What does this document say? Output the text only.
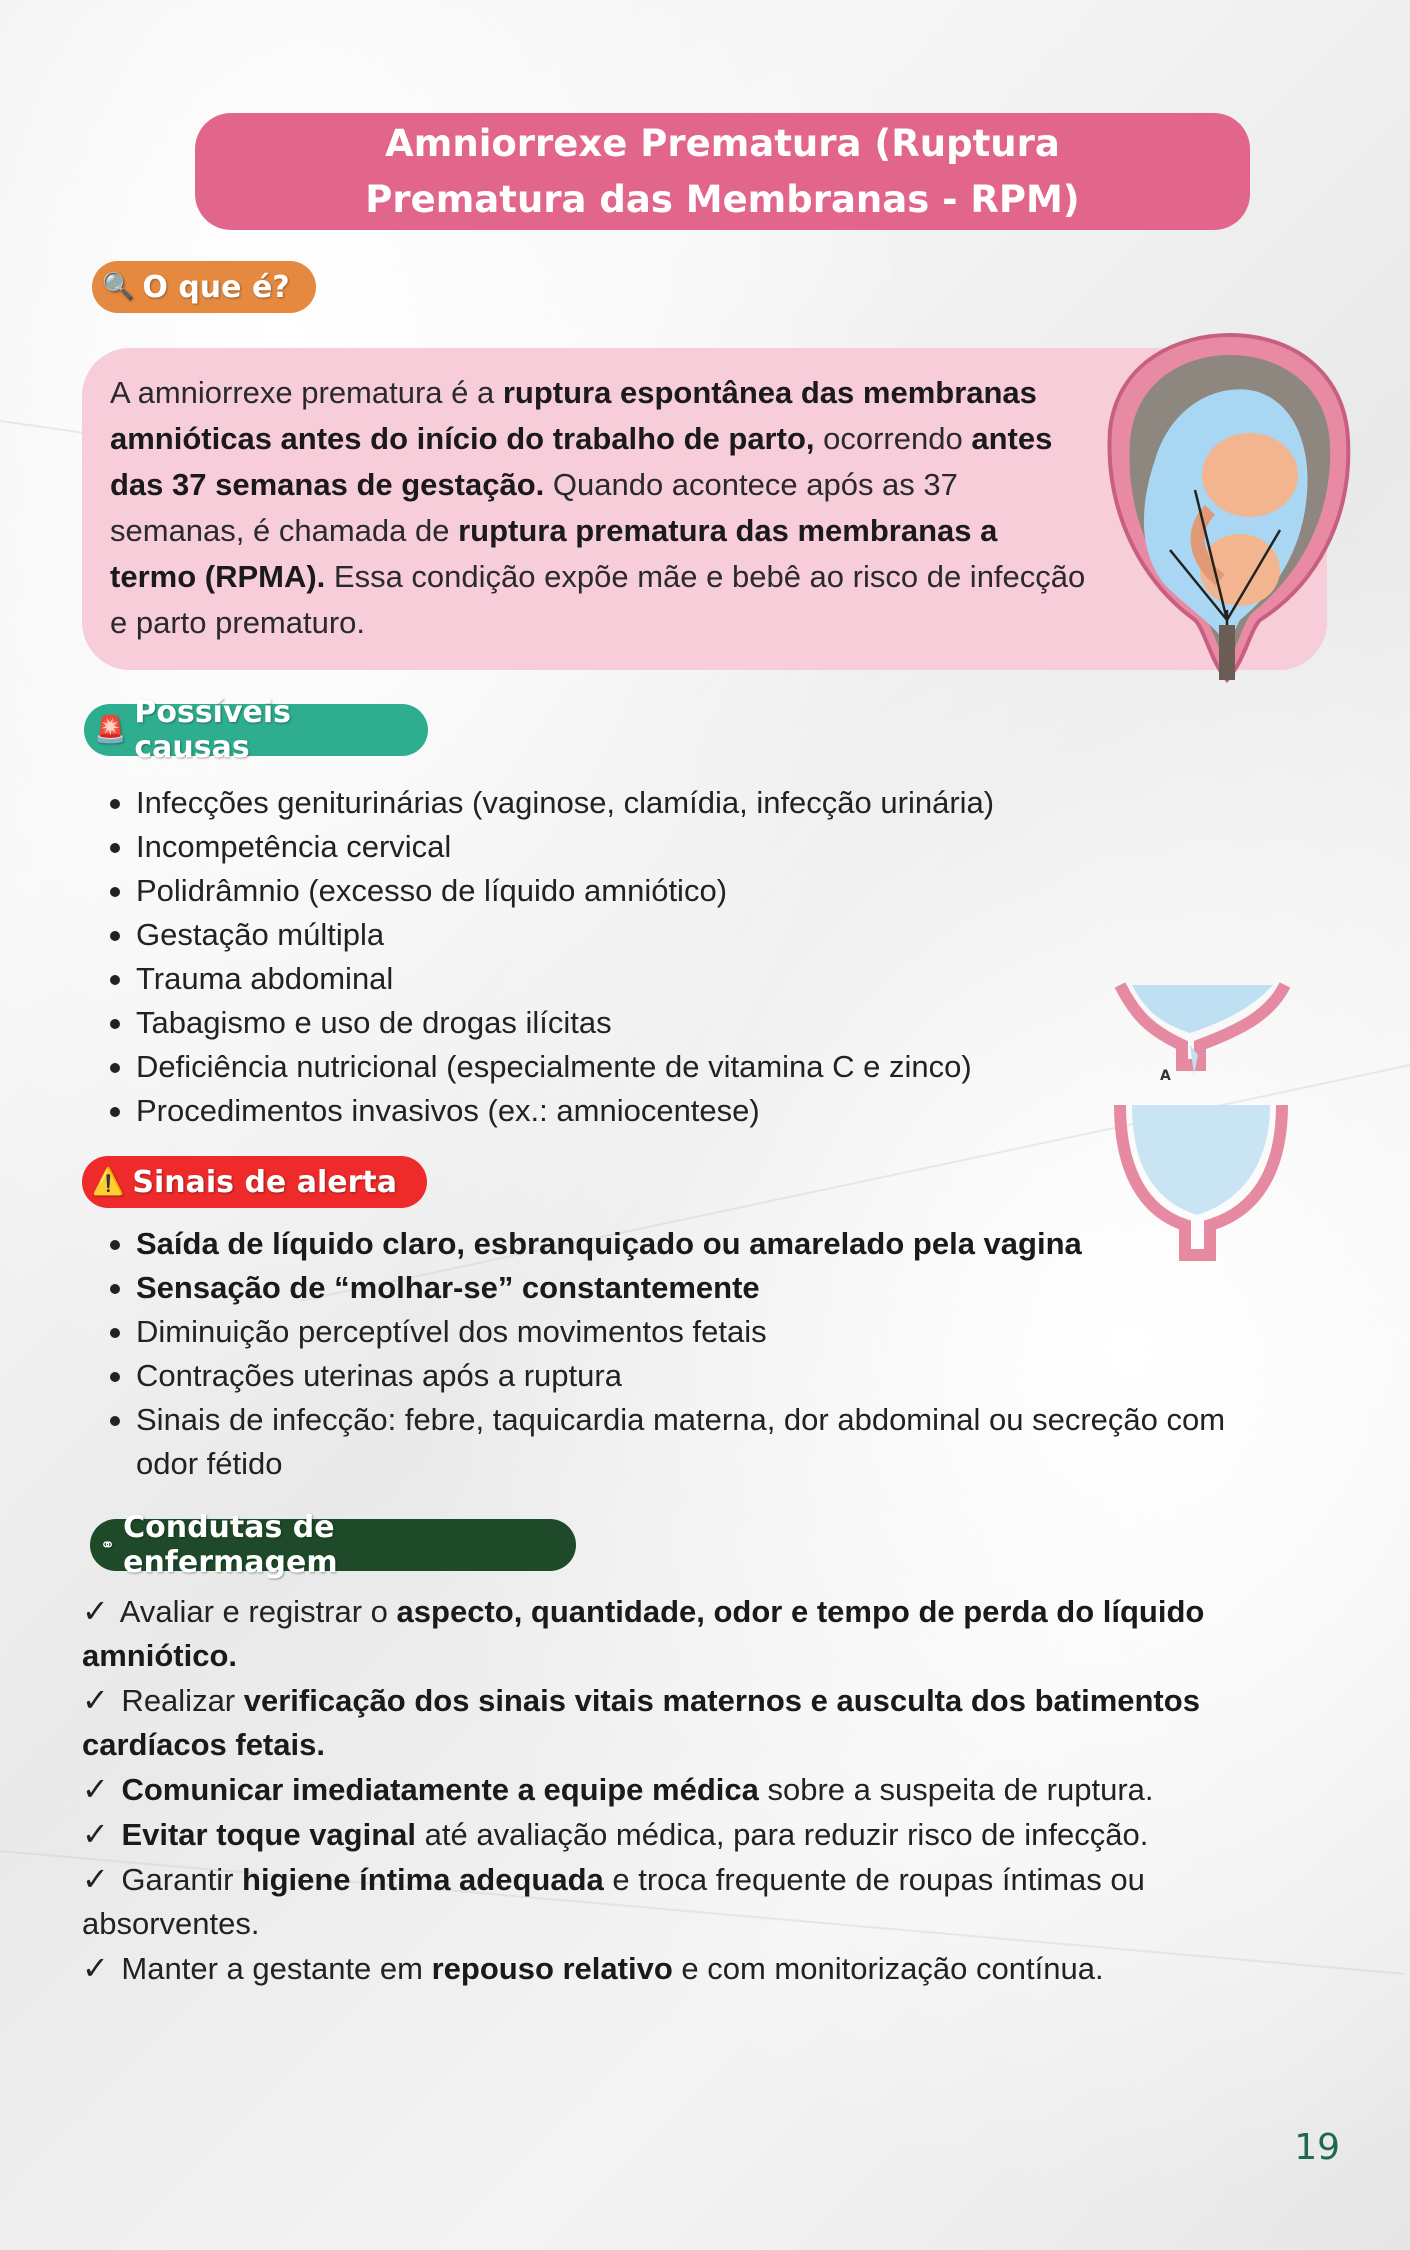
Amniorrexe Prematura (Ruptura Prematura das Membranas - RPM)
🔍 O que é?
A amniorrexe prematura é a ruptura espontânea das membranas amnióticas antes do início do trabalho de parto, ocorrendo antes das 37 semanas de gestação. Quando acontece após as 37 semanas, é chamada de ruptura prematura das membranas a termo (RPMA). Essa condição expõe mãe e bebê ao risco de infecção e parto prematuro.
🚨 Possíveis causas
Infecções geniturinárias (vaginose, clamídia, infecção urinária)
Incompetência cervical
Polidrâmnio (excesso de líquido amniótico)
Gestação múltipla
Trauma abdominal
Tabagismo e uso de drogas ilícitas
Deficiência nutricional (especialmente de vitamina C e zinco)
Procedimentos invasivos (ex.: amniocentese)
A
⚠️ Sinais de alerta
Saída de líquido claro, esbranquiçado ou amarelado pela vagina
Sensação de “molhar-se” constantemente
Diminuição perceptível dos movimentos fetais
Contrações uterinas após a ruptura
Sinais de infecção: febre, taquicardia materna, dor abdominal ou secreção com odor fétido
⚭ Condutas de enfermagem
✓ Avaliar e registrar o aspecto, quantidade, odor e tempo de perda do líquido amniótico.
✓ Realizar verificação dos sinais vitais maternos e ausculta dos batimentos cardíacos fetais.
✓ Comunicar imediatamente a equipe médica sobre a suspeita de ruptura.
✓ Evitar toque vaginal até avaliação médica, para reduzir risco de infecção.
✓ Garantir higiene íntima adequada e troca frequente de roupas íntimas ou absorventes.
✓ Manter a gestante em repouso relativo e com monitorização contínua.
19
